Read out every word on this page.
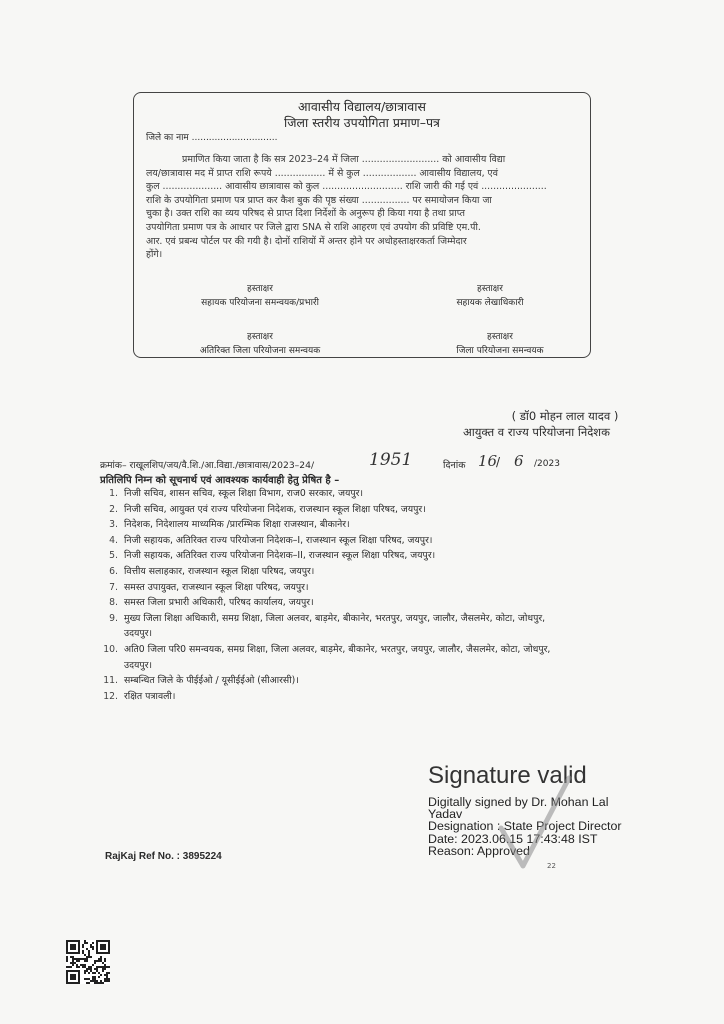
आवासीय विद्यालय/छात्रावास
जिला स्तरीय उपयोगिता प्रमाण–पत्र
जिले का नाम ..............................
प्रमाणित किया जाता है कि सत्र 2023–24 में जिला .......................... को आवासीय विद्या
लय/छात्रावास मद में प्राप्त राशि रूपये ................. में से कुल .................. आवासीय विद्यालय, एवं
कुल .................... आवासीय छात्रावास को कुल ........................... राशि जारी की गई एवं ......................
राशि के उपयोगिता प्रमाण पत्र प्राप्त कर कैश बुक की पृष्ठ संख्या ................ पर समायोजन किया जा
चुका है। उक्त राशि का व्यय परिषद से प्राप्त दिशा निर्देशों के अनुरूप ही किया गया है तथा प्राप्त
उपयोगिता प्रमाण पत्र के आधार पर जिले द्वारा SNA से राशि आहरण एवं उपयोग की प्रविष्टि एम.पी.
आर. एवं प्रबन्ध पोर्टल पर की गयी है। दोनों राशियों में अन्तर होने पर अधोहस्ताक्षरकर्ता जिम्मेदार
होंगे।
हस्ताक्षर
सहायक परियोजना समन्वयक/प्रभारी
हस्ताक्षर
सहायक लेखाधिकारी
हस्ताक्षर
अतिरिक्त जिला परियोजना समन्वयक
हस्ताक्षर
जिला परियोजना समन्वयक
( डॉ0 मोहन लाल यादव )
आयुक्त व राज्य परियोजना निदेशक
क्रमांक– राखूलशिप/जय/वै.शि./आ.विद्या./छात्रावास/2023–24/	1951	दिनांक 16
/ 6 /2023
प्रतिलिपि निम्न को सूचनार्थ एवं आवश्यक कार्यवाही हेतु प्रेषित है –
1. निजी सचिव, शासन सचिव, स्कूल शिक्षा विभाग, राज0 सरकार, जयपुर।
2. निजी सचिव, आयुक्त एवं राज्य परियोजना निदेशक, राजस्थान स्कूल शिक्षा परिषद, जयपुर।
3. निदेशक, निदेशालय माध्यमिक /प्रारम्भिक शिक्षा राजस्थान, बीकानेर।
4. निजी सहायक, अतिरिक्त राज्य परियोजना निदेशक–I, राजस्थान स्कूल शिक्षा परिषद, जयपुर।
5. निजी सहायक, अतिरिक्त राज्य परियोजना निदेशक–II, राजस्थान स्कूल शिक्षा परिषद, जयपुर।
6. वित्तीय सलाहकार, राजस्थान स्कूल शिक्षा परिषद, जयपुर।
7. समस्त उपायुक्त, राजस्थान स्कूल शिक्षा परिषद, जयपुर।
8. समस्त जिला प्रभारी अधिकारी, परिषद कार्यालय, जयपुर।
9. मुख्य जिला शिक्षा अधिकारी, समग्र शिक्षा, जिला अलवर, बाड़मेर, बीकानेर, भरतपुर, जयपुर, जालौर, जैसलमेर, कोटा, जोधपुर,
उदयपुर।
10. अति0 जिला परि0 समन्वयक, समग्र शिक्षा, जिला अलवर, बाड़मेर, बीकानेर, भरतपुर, जयपुर, जालौर, जैसलमेर, कोटा, जोधपुर,
उदयपुर।
11. सम्बन्धित जिले के पीईईओ / यूसीईईओ (सीआरसी)।
12. रक्षित पत्रावली।
Signature valid
Digitally signed by Dr. Mohan Lal
Yadav
Designation : State Project Director
Date: 2023.06.15 17:43:48 IST
Reason: Approved
22
RajKaj Ref No. : 3895224
